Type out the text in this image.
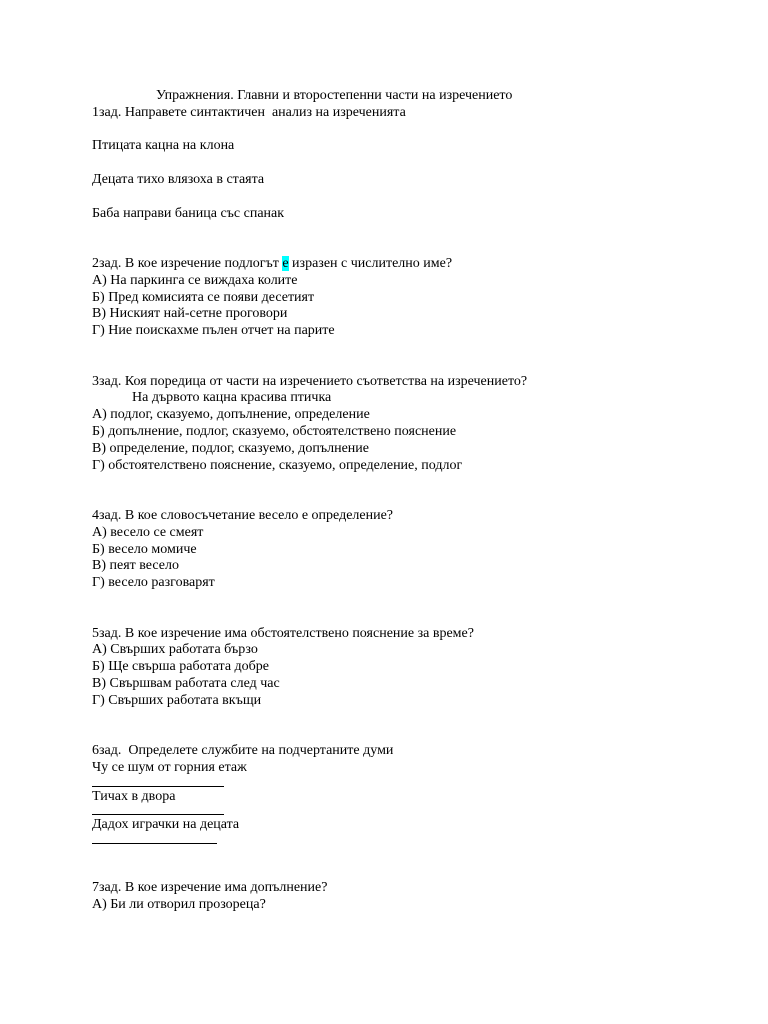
Упражнения. Главни и второстепенни части на изречението
1зад. Направете синтактичен  анализ на изреченията
Птицата кацна на клона
Децата тихо влязоха в стаята
Баба направи баница със спанак
2зад. В кое изречение подлогът е изразен с числително име?
А) На паркинга се виждаха колите
Б) Пред комисията се появи десетият
В) Ниският най-сетне проговори
Г) Ние поискахме пълен отчет на парите
3зад. Коя поредица от части на изречението съответства на изречението?
На дървото кацна красива птичка
А) подлог, сказуемо, допълнение, определение
Б) допълнение, подлог, сказуемо, обстоятелствено пояснение
В) определение, подлог, сказуемо, допълнение
Г) обстоятелствено пояснение, сказуемо, определение, подлог
4зад. В кое словосъчетание весело е определение?
А) весело се смеят
Б) весело момиче
В) пеят весело
Г) весело разговарят
5зад. В кое изречение има обстоятелствено пояснение за време?
А) Свърших работата бързо
Б) Ще свърша работата добре
В) Свършвам работата след час
Г) Свърших работата вкъщи
6зад.  Определете службите на подчертаните думи
Чу се шум от горния етаж
Тичах в двора
Дадох играчки на децата
7зад. В кое изречение има допълнение?
А) Би ли отворил прозореца?
